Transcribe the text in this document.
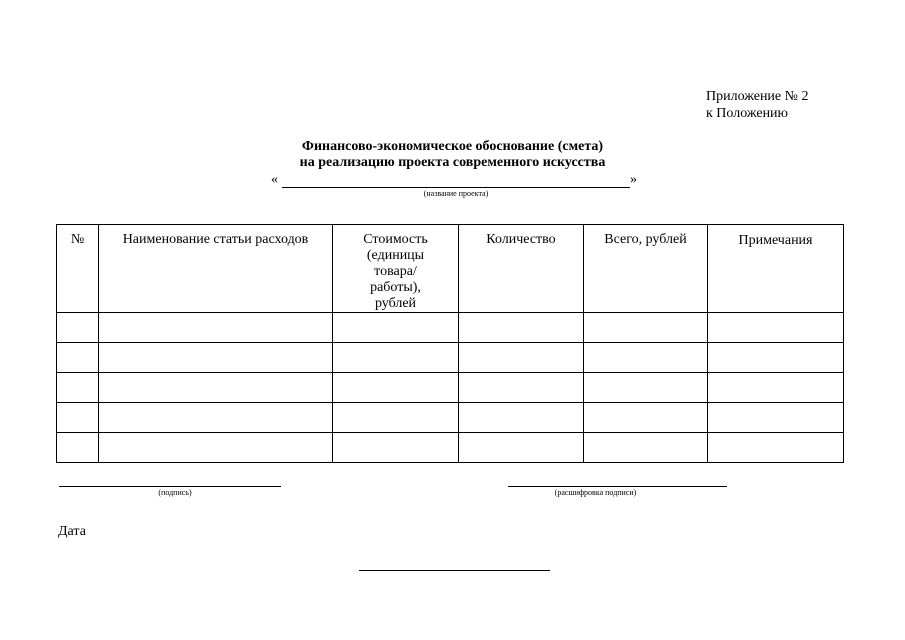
Приложение № 2
к Положению
Финансово-экономическое обоснование (смета)
на реализацию проекта современного искусства
«	»
(название проекта)
№	Наименование статьи расходов	Стоимость (единицы товара/работы), рублей	Количество	Всего, рублей	Примечания

(подпись)	(расшифровка подписи)
Дата
